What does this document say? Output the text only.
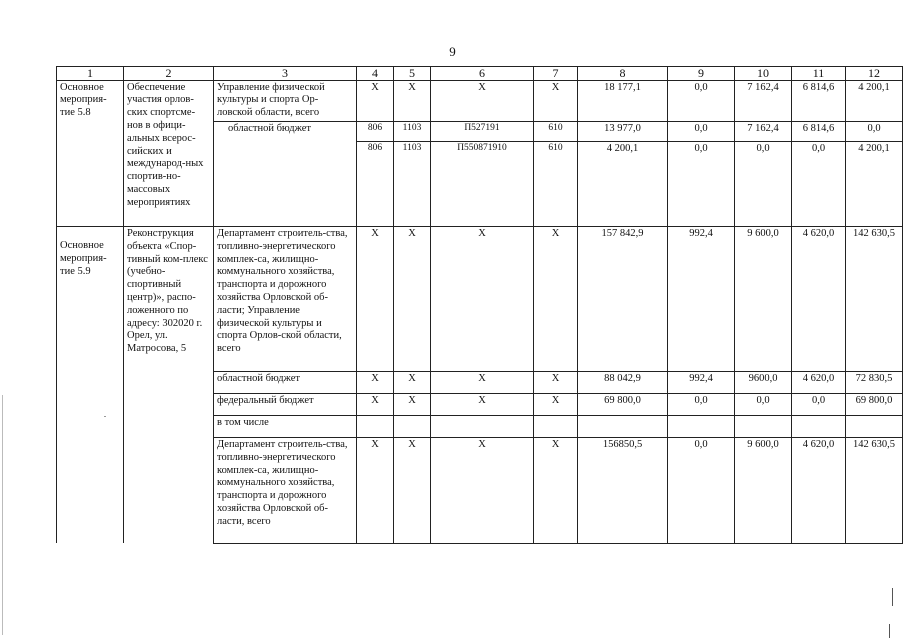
9
1	2	3	4	5	6	7	8	9	10	11	12
Основное мероприя-тие 5.8	Обеспечение участия орлов-ских спортсме-нов в офици-альных всерос-сийских и международ-ных спортив-но-массовых мероприятиях	Управление физической культуры и спорта Ор-ловской области, всего	X	X	X	X	18 177,1	0,0	7 162,4	6 814,6	4 200,1
		областной бюджет	806	1103	П527191	610	13 977,0	0,0	7 162,4	6 814,6	0,0
			806	1103	П550871910	610	4 200,1	0,0	0,0	0,0	4 200,1

Основное мероприя-тие 5.9	Реконструкция объекта «Спор-тивный ком-плекс (учебно-спортивный центр)», распо-ложенного по адресу: 302020 г. Орел, ул. Матросова, 5	Департамент строитель-ства, топливно-энергетического комплек-са, жилищно-коммунального хозяйства, транспорта и дорожного хозяйства Орловской об-ласти; Управление физической культуры и спорта Орлов-ской области, всего	X	X	X	X	157 842,9	992,4	9 600,0	4 620,0	142 630,5
		областной бюджет	X	X	X	X	88 042,9	992,4	9600,0	4 620,0	72 830,5
		федеральный бюджет	X	X	X	X	69 800,0	0,0	0,0	0,0	69 800,0
		в том числе									
		Департамент строитель-ства, топливно-энергетического комплек-са, жилищно-коммунального хозяйства, транспорта и дорожного хозяйства Орловской об-ласти, всего	X	X	X	X	156850,5	0,0	9 600,0	4 620,0	142 630,5
